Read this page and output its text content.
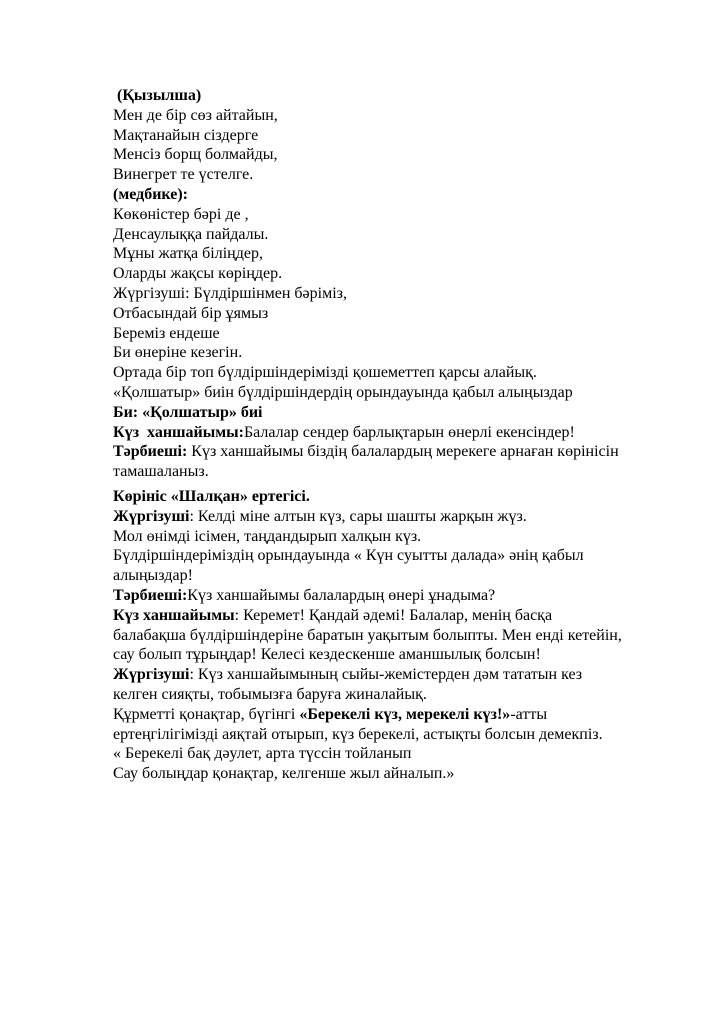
(Қызылша)
Мен де бір сөз айтайын,
Мақтанайын сіздерге
Менсіз борщ болмайды,
Винегрет те үстелге.
(медбике):
Көкөністер бәрі де ,
Денсаулыққа пайдалы.
Мұны жатқа біліңдер,
Оларды жақсы көріңдер.
Жүргізуші: Бүлдіршінмен бәріміз,
Отбасындай бір ұямыз
Береміз ендеше
Би өнеріне кезегін.
Ортада бір топ бүлдіршіндерімізді қошеметтеп қарсы алайық.
«Қолшатыр» биін бүлдіршіндердің орындауында қабыл алыңыздар
Би: «Қолшатыр» биі
Күз  ханшайымы:Балалар сендер барлықтарын өнерлі екенсіндер!
Тәрбиеші: Күз ханшайымы біздің балалардың мерекеге арнаған көрінісін
тамашаланыз.
Көрініс «Шалқан» ертегісі.
Жүргізуші: Келді міне алтын күз, сары шашты жарқын жүз.
Мол өнімді ісімен, таңдандырып халқын күз.
Бүлдіршіндеріміздің орындауында « Күн суытты далада» әнің қабыл
алыңыздар!
Тәрбиеші:Күз ханшайымы балалардың өнері ұнадыма?
Күз ханшайымы: Керемет! Қандай әдемі! Балалар, менің басқа
балабақша бүлдіршіндеріне баратын уақытым болыпты. Мен енді кетейін,
сау болып тұрыңдар! Келесі кездескенше аманшылық болсын!
Жүргізуші: Күз ханшайымының сыйы-жемістерден дәм тататын кез
келген сияқты, тобымызға баруға жиналайық.
Құрметті қонақтар, бүгінгі «Берекелі күз, мерекелі күз!»-атты
ертеңгілігімізді аяқтай отырып, күз берекелі, астықты болсын демекпіз.
« Берекелі бақ дәулет, арта түссін тойланып
Сау болыңдар қонақтар, келгенше жыл айналып.»
